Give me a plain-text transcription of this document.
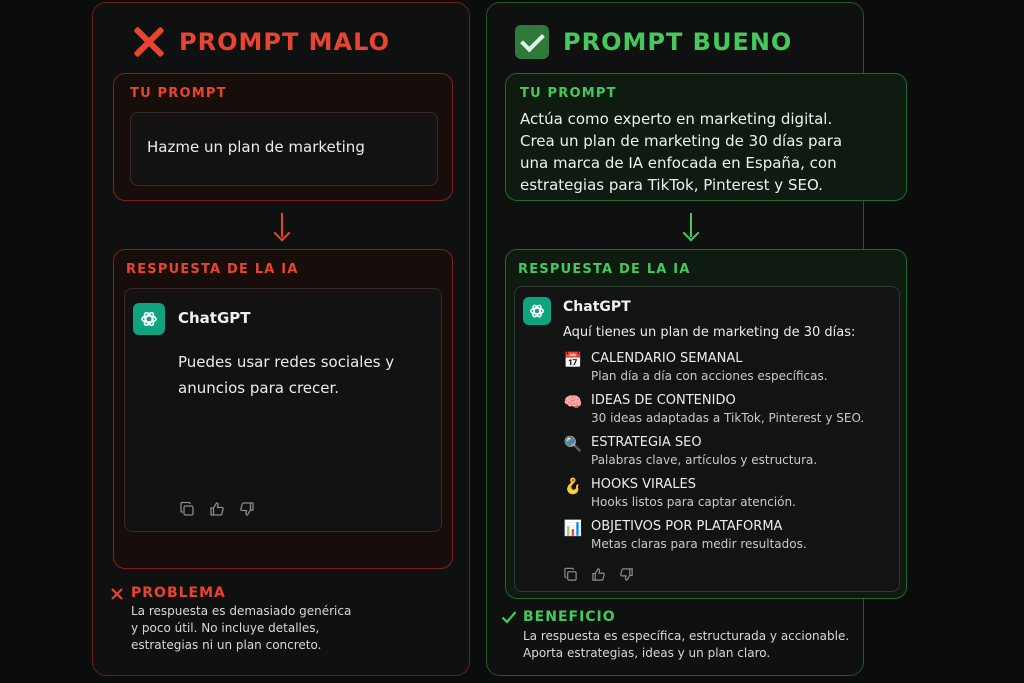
PROMPT MALO
TU PROMPT
Hazme un plan de marketing
RESPUESTA DE LA IA
ChatGPT
Puedes usar redes sociales y
anuncios para crecer.
PROBLEMA
La respuesta es demasiado genérica
y poco útil. No incluye detalles,
estrategias ni un plan concreto.
PROMPT BUENO
TU PROMPT
Actúa como experto en marketing digital.
Crea un plan de marketing de 30 días para
una marca de IA enfocada en España, con
estrategias para TikTok, Pinterest y SEO.
RESPUESTA DE LA IA
ChatGPT
Aquí tienes un plan de marketing de 30 días:
📅 CALENDARIO SEMANAL
Plan día a día con acciones específicas.
🧠 IDEAS DE CONTENIDO
30 ideas adaptadas a TikTok, Pinterest y SEO.
🔍 ESTRATEGIA SEO
Palabras clave, artículos y estructura.
🪝 HOOKS VIRALES
Hooks listos para captar atención.
📊 OBJETIVOS POR PLATAFORMA
Metas claras para medir resultados.
BENEFICIO
La respuesta es específica, estructurada y accionable.
Aporta estrategias, ideas y un plan claro.
